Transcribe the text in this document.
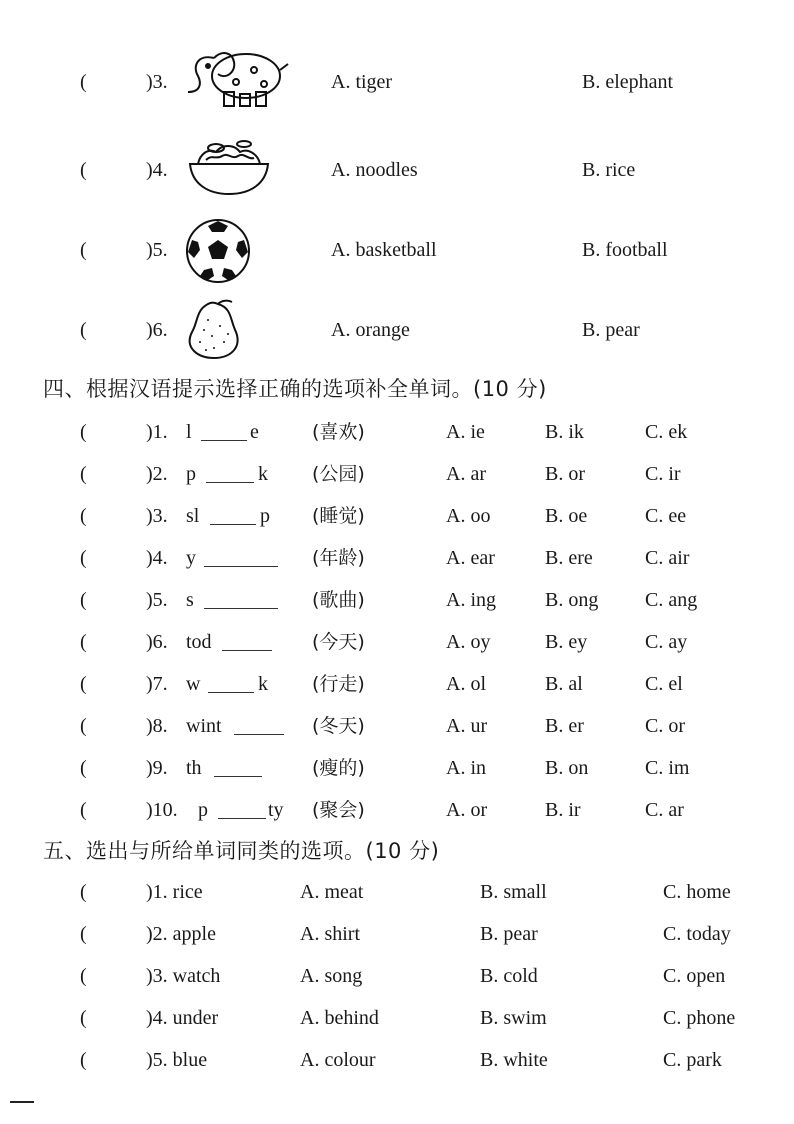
(	)3.	A. tiger	B. elephant
(	)4.	A. noodles	B. rice
(	)5.	A. basketball	B. football
(	)6.	A. orange	B. pear
四、根据汉语提示选择正确的选项补全单词。(10 分)
(	)1. l	e	(喜欢)	A. ie	B. ik	C. ek
(	)2. p	k (公园)	A. ar	B. or	C. ir
(	)3. sl	p (睡觉)	A. oo	B. oe	C. ee
(	)4. y	(年龄)	A. ear	B. ere	C. air
(	)5. s	(歌曲)	A. ing B. ong C. ang
(	)6. tod	(今天)	A. oy	B. ey	C. ay
(	)7. w	k (行走)	A. ol	B. al	C. el
(	)8. wint	(冬天)	A. ur	B. er	C. or
(	)9. th	(瘦的)	A. in	B. on	C. im
(	)10. p	ty (聚会)	A. or	B. ir	C. ar
五、选出与所给单词同类的选项。(10 分)
(	)1. rice	A. meat	B. small	C. home
(	)2. apple	A. shirt	B. pear	C. today
(	)3. watch	A. song	B. cold	C. open
(	)4. under	A. behind	B. swim	C. phone
(	)5. blue	A. colour	B. white	C. park
